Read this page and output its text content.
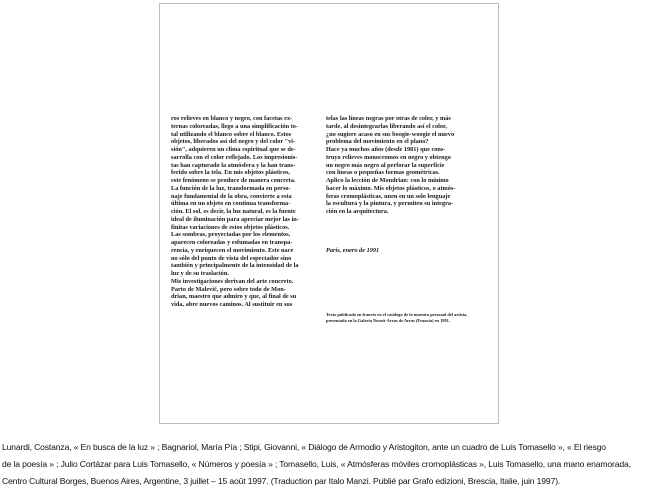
ros relieves en blanco y negro, con facetas ex-
ternas coloreadas, llego a una simplificación to-
tal utilizando el blanco sobre el blanco. Estos
objetos, liberados así del negro y del color "vi-
sión", adquieren un clima espiritual que se de-
sarrolla con el color reflejado. Los impresionis-
tas han capturado la atmósfera y la han trans-
ferido sobre la tela. En mis objetos plásticos,
este fenómeno se produce de manera concreta.
La función de la luz, transformada en perso-
naje fundamental de la obra, convierte a esta
última en un objeto en continua transforma-
ción. El sol, es decir, la luz natural, es la fuente
ideal de iluminación para apreciar mejor las in-
finitas variaciones de estos objetos plásticos.
Las sombras, proyectadas por los elementos,
aparecen coloreadas y esfumadas en transpa-
rencia, y enriquecen el movimiento. Este nace
no sólo del punto de vista del espectador sino
también y principalmente de la intensidad de la
luz y de su traslación.
Mis investigaciones derivan del arte concreto.
Parto de Malevič, pero sobre todo de Mon-
drian, maestro que admiro y que, al final de su
vida, abre nuevos caminos. Al sustituir en sus
telas las líneas negras por otras de color, y más
tarde, al desintegrarlas liberando así el color,
¿no sugiere acaso en sus boogie-woogie el nuevo
problema del movimiento en el plano?
Hace ya muchos años (desde 1981) que cons-
truyo relieves monocromos en negro y obtengo
un negro más negro al perforar la superficie
con líneas o pequeñas formas geométricas.
Aplico la lección de Mondrian: con lo mínimo
hacer lo máximo. Mis objetos plásticos, o atmós-
feras cromoplásticas, unen en un solo lenguaje
la escultura y la pintura, y permiten su integra-
ción en la arquitectura.
París, enero de 1991
Texto publicado en francés en el catálogo de la muestra personal del artista, presentada en la Galería Noroit-Arras de Arras (Francia) en 1991.
Lunardi, Costanza, « En busca de la luz » ; Bagnariol, María Pía ; Stipi, Giovanni, « Diálogo de Armodio y Aristogiton, ante un cuadro de Luis Tomasello », « El riesgo
de la poesía » ; Julio Cortázar para Luis Tomasello, « Números y poesía » ; Tomasello, Luis, « Atmósferas móviles cromoplásticas », Luis Tomasello, una mano enamorada,
Centro Cultural Borges, Buenos Aires, Argentine, 3 juillet – 15 août 1997. (Traduction par Italo Manzi. Publié par Grafo edizioni, Brescia, Italie, juin 1997).
